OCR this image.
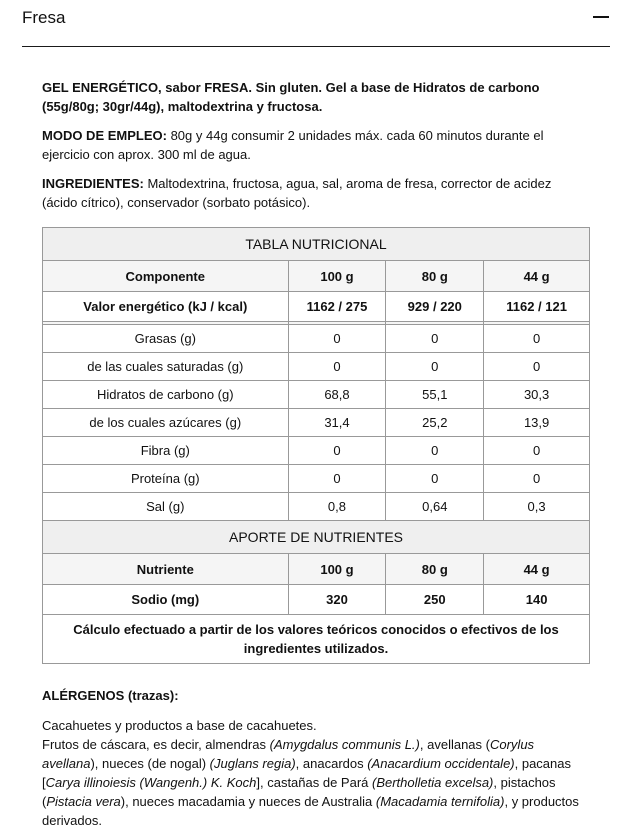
Fresa

GEL ENERGÉTICO, sabor FRESA. Sin gluten. Gel a base de Hidratos de carbono (55g/80g; 30gr/44g), maltodextrina y fructosa.

MODO DE EMPLEO: 80g y 44g consumir 2 unidades máx. cada 60 minutos durante el ejercicio con aprox. 300 ml de agua.

INGREDIENTES: Maltodextrina, fructosa, agua, sal, aroma de fresa, corrector de acidez (ácido cítrico), conservador (sorbato potásico).

TABLA NUTRICIONAL			
Componente	100 g	80 g	44 g
Valor energético (kJ / kcal)	1162 / 275	929 / 220	1162 / 121

Grasas (g)	0	0	0
de las cuales saturadas (g)	0	0	0
Hidratos de carbono (g)	68,8	55,1	30,3
de los cuales azúcares (g)	31,4	25,2	13,9
Fibra (g)	0	0	0
Proteína (g)	0	0	0
Sal (g)	0,8	0,64	0,3
APORTE DE NUTRIENTES			
Nutriente	100 g	80 g	44 g
Sodio (mg)	320	250	140
Cálculo efectuado a partir de los valores teóricos conocidos o efectivos de los ingredientes utilizados.			

ALÉRGENOS (trazas):

Cacahuetes y productos a base de cacahuetes.

Frutos de cáscara, es decir, almendras (Amygdalus communis L.), avellanas (Corylus avellana), nueces (de nogal) (Juglans regia), anacardos (Anacardium occidentale), pacanas [Carya illinoiesis (Wangenh.) K. Koch], castañas de Pará (Bertholletia excelsa), pistachos (Pistacia vera), nueces macadamia y nueces de Australia (Macadamia ternifolia), y productos derivados.
